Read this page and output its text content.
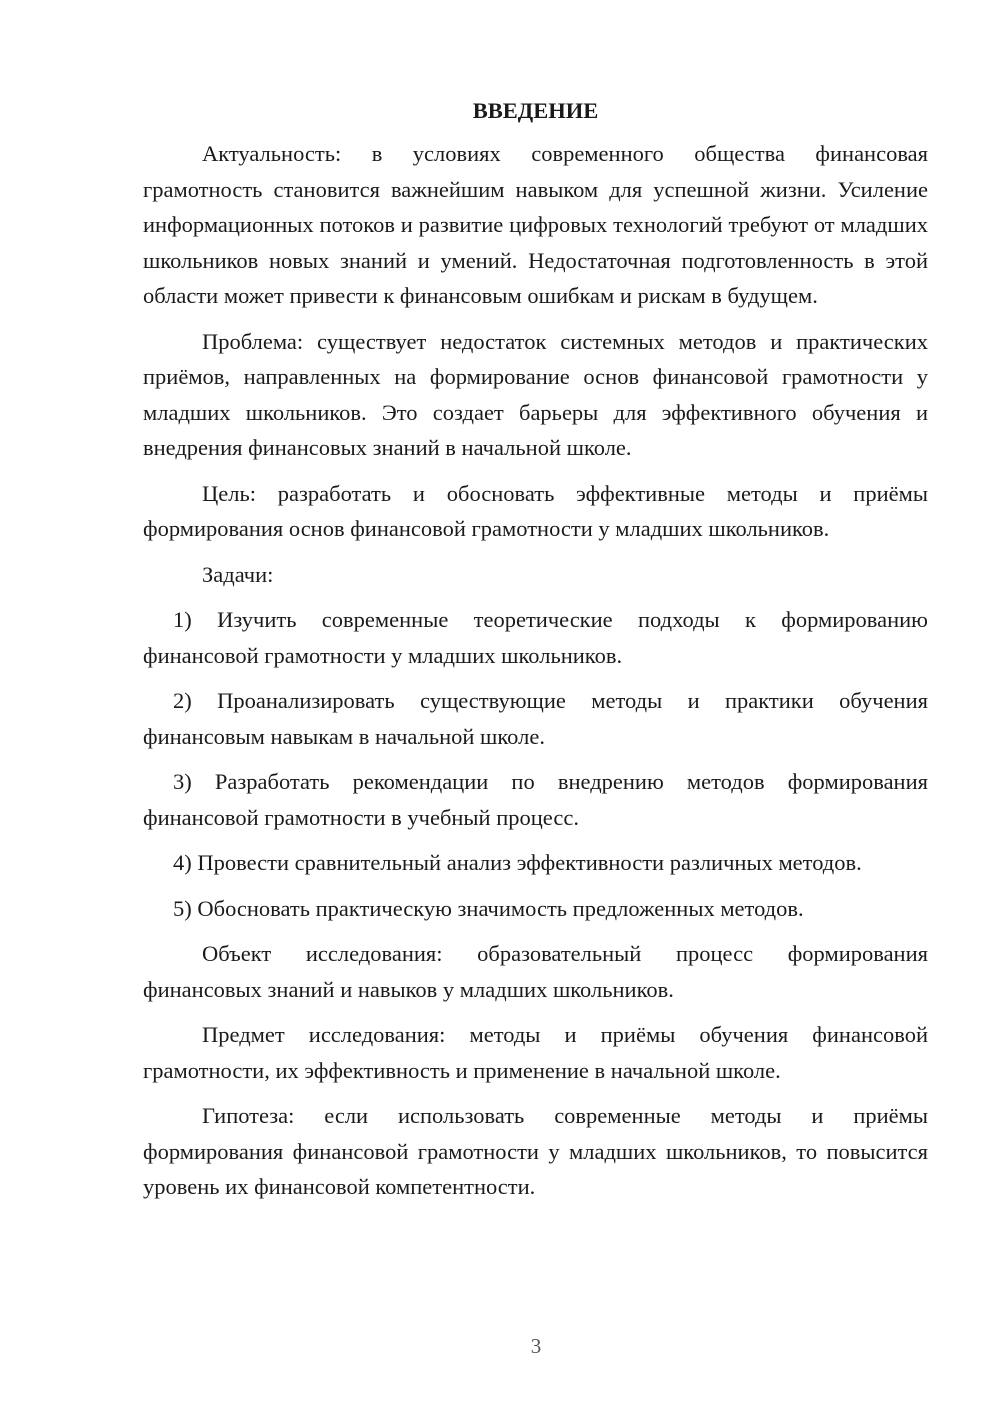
ВВЕДЕНИЕ

Актуальность: в условиях современного общества финансовая грамотность становится важнейшим навыком для успешной жизни. Усиление информационных потоков и развитие цифровых технологий требуют от младших школьников новых знаний и умений. Недостаточная подготовленность в этой области может привести к финансовым ошибкам и рискам в будущем.

Проблема: существует недостаток системных методов и практических приёмов, направленных на формирование основ финансовой грамотности у младших школьников. Это создает барьеры для эффективного обучения и внедрения финансовых знаний в начальной школе.

Цель: разработать и обосновать эффективные методы и приёмы формирования основ финансовой грамотности у младших школьников.

Задачи:

1) Изучить современные теоретические подходы к формированию финансовой грамотности у младших школьников.

2) Проанализировать существующие методы и практики обучения финансовым навыкам в начальной школе.

3) Разработать рекомендации по внедрению методов формирования финансовой грамотности в учебный процесс.

4) Провести сравнительный анализ эффективности различных методов.

5) Обосновать практическую значимость предложенных методов.

Объект исследования: образовательный процесс формирования финансовых знаний и навыков у младших школьников.

Предмет исследования: методы и приёмы обучения финансовой грамотности, их эффективность и применение в начальной школе.

Гипотеза: если использовать современные методы и приёмы формирования финансовой грамотности у младших школьников, то повысится уровень их финансовой компетентности.

3
